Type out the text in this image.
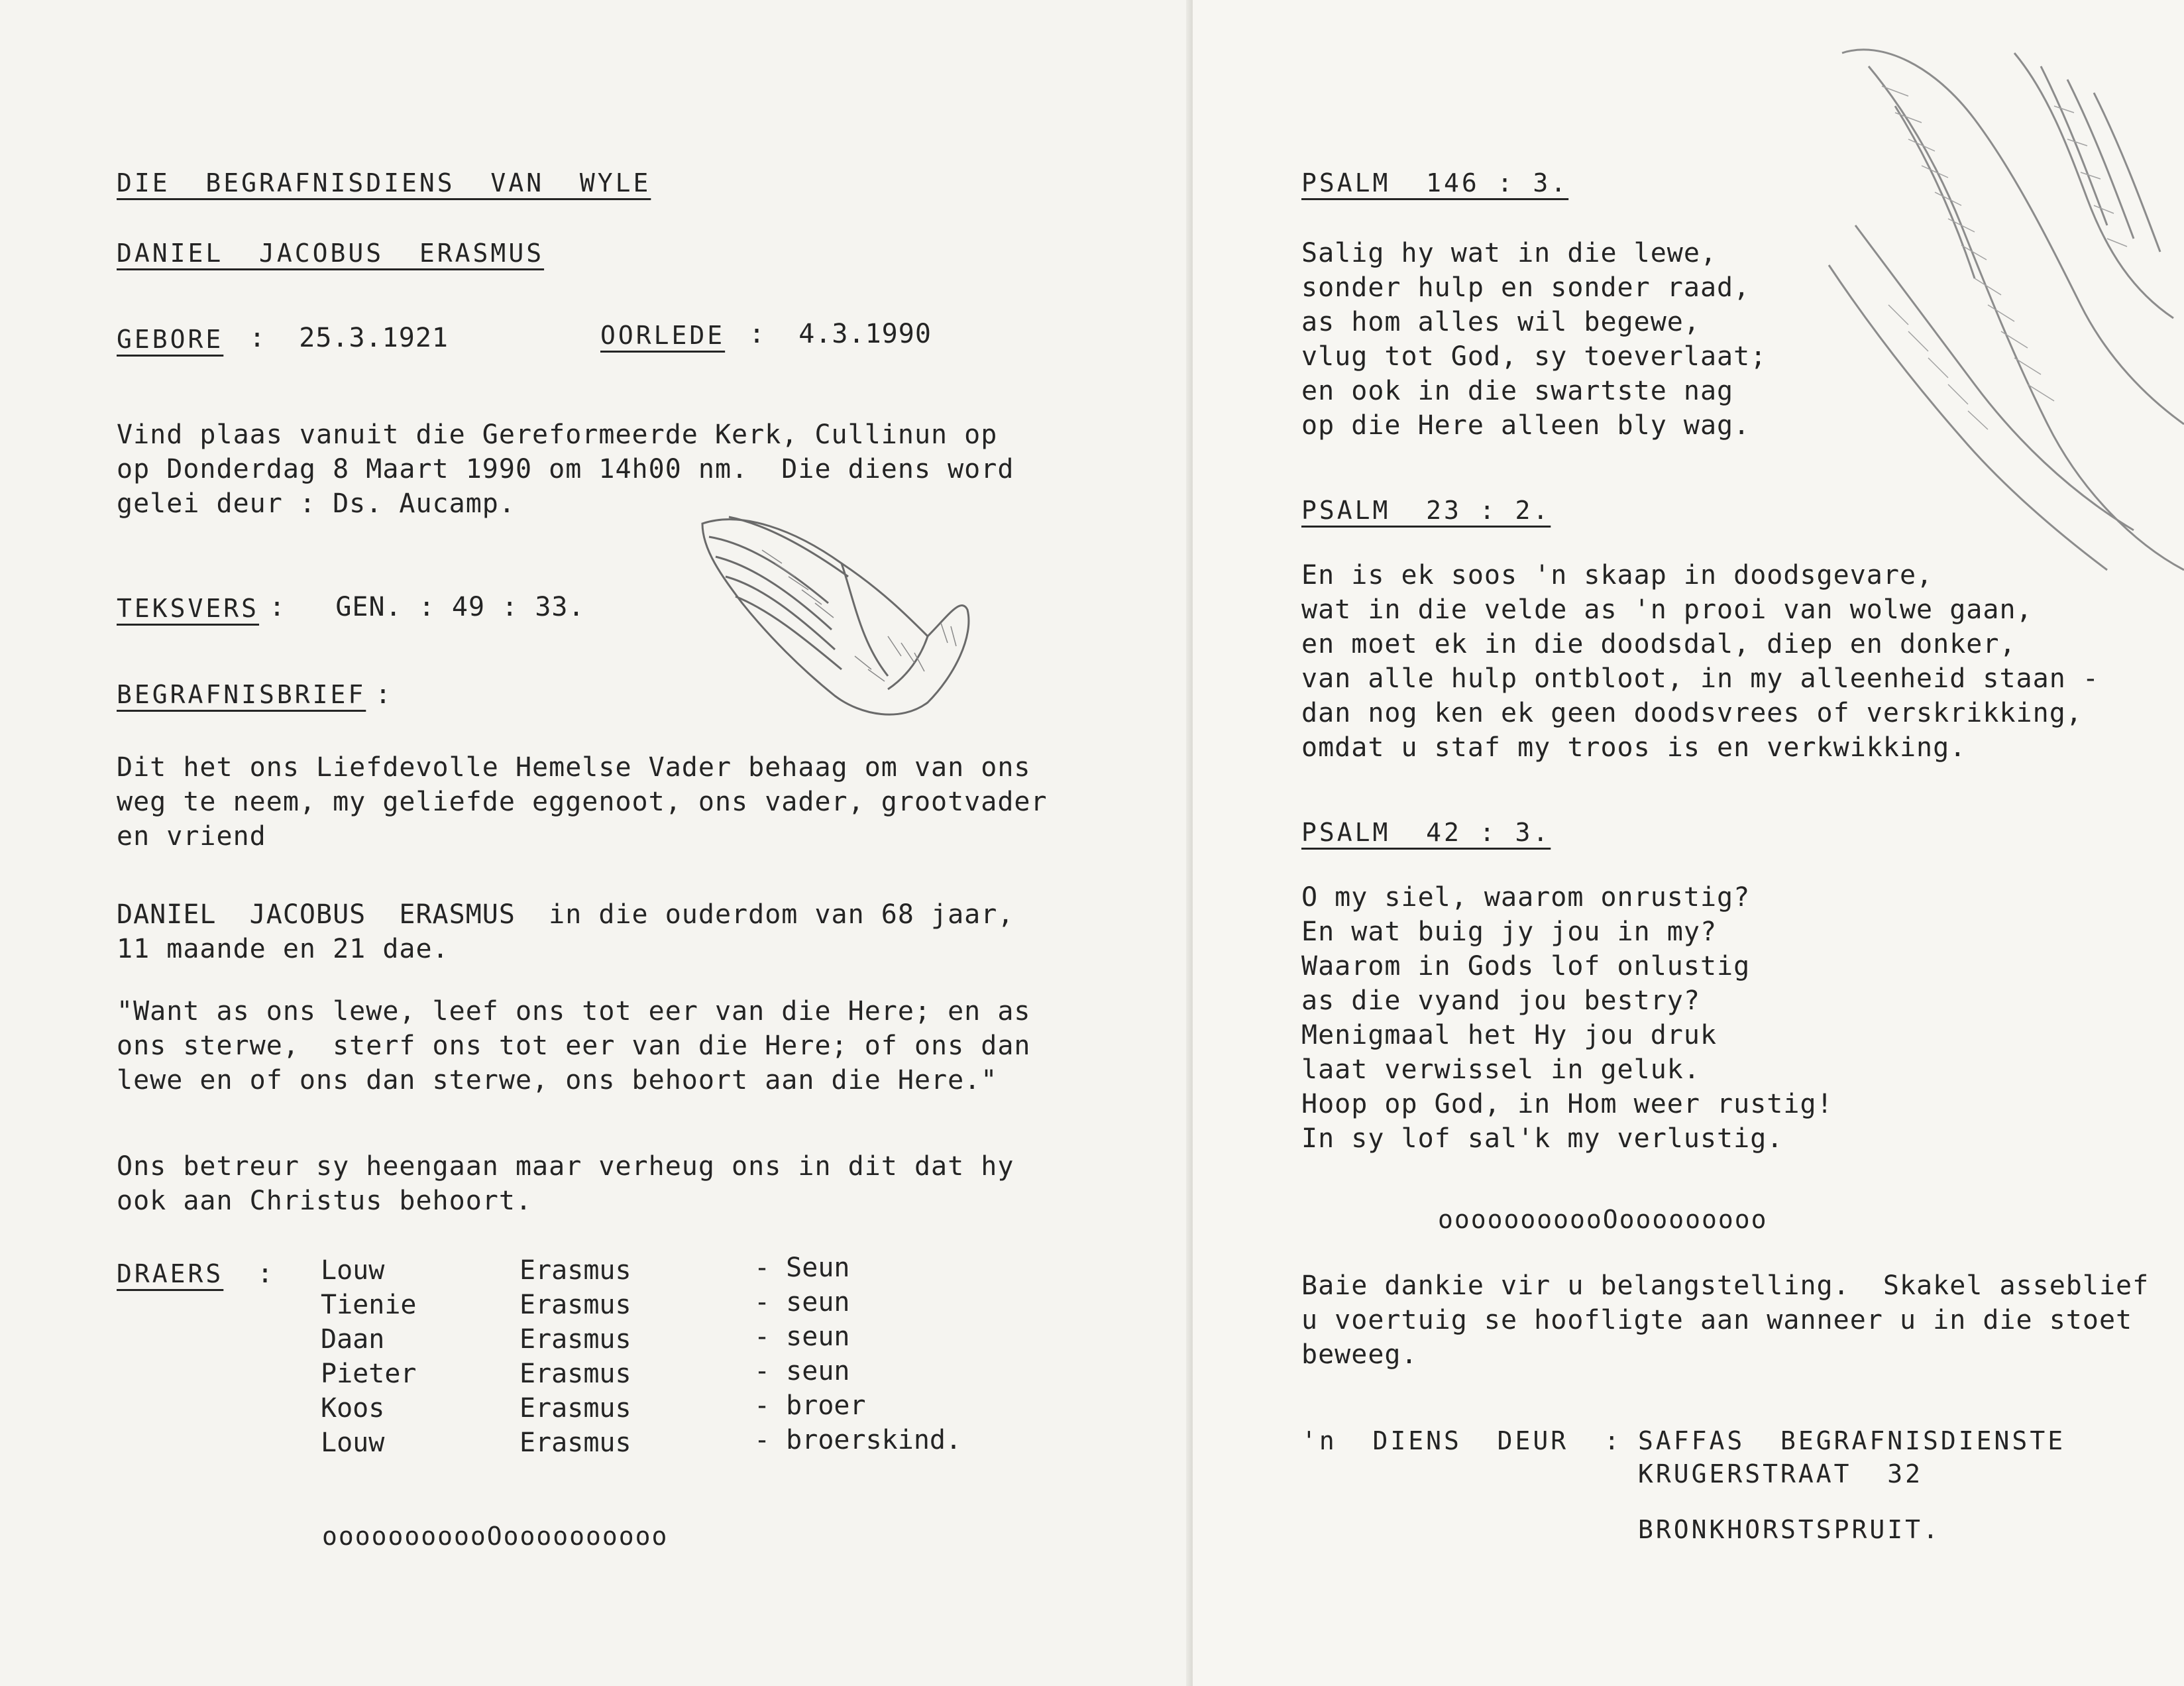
DIE  BEGRAFNISDIENS  VAN  WYLE
DANIEL  JACOBUS  ERASMUS
GEBORE :  25.3.1921	OORLEDE :  4.3.1990
Vind plaas vanuit die Gereformeerde Kerk, Cullinun op
op Donderdag 8 Maart 1990 om 14h00 nm.  Die diens word
gelei deur : Ds. Aucamp.
TEKSVERS :   GEN. : 49 : 33.
BEGRAFNISBRIEF :
Dit het ons Liefdevolle Hemelse Vader behaag om van ons
weg te neem, my geliefde eggenoot, ons vader, grootvader
en vriend
DANIEL  JACOBUS  ERASMUS  in die ouderdom van 68 jaar,
11 maande en 21 dae.
"Want as ons lewe, leef ons tot eer van die Here; en as
ons sterwe,  sterf ons tot eer van die Here; of ons dan
lewe en of ons dan sterwe, ons behoort aan die Here."
Ons betreur sy heengaan maar verheug ons in dit dat hy
ook aan Christus behoort.
DRAERS : Louw	Erasmus	- Seun
Tienie	Erasmus	- seun
Daan	Erasmus	- seun
Pieter	Erasmus	- seun
Koos	Erasmus	- broer
Louw	Erasmus	- broerskind.
ooooooooooOoooooooooo
PSALM  146 : 3.
Salig hy wat in die lewe,
sonder hulp en sonder raad,
as hom alles wil begewe,
vlug tot God, sy toeverlaat;
en ook in die swartste nag
op die Here alleen bly wag.
PSALM  23 : 2.
En is ek soos 'n skaap in doodsgevare,
wat in die velde as 'n prooi van wolwe gaan,
en moet ek in die doodsdal, diep en donker,
van alle hulp ontbloot, in my alleenheid staan -
dan nog ken ek geen doodsvrees of verskrikking,
omdat u staf my troos is en verkwikking.
PSALM  42 : 3.
O my siel, waarom onrustig?
En wat buig jy jou in my?
Waarom in Gods lof onlustig
as die vyand jou bestry?
Menigmaal het Hy jou druk
laat verwissel in geluk.
Hoop op God, in Hom weer rustig!
In sy lof sal'k my verlustig.
ooooooooooOooooooooo
Baie dankie vir u belangstelling.  Skakel asseblief
u voertuig se hoofligte aan wanneer u in die stoet
beweeg.
'n  DIENS  DEUR  : SAFFAS  BEGRAFNISDIENSTE
KRUGERSTRAAT  32
BRONKHORSTSPRUIT.
